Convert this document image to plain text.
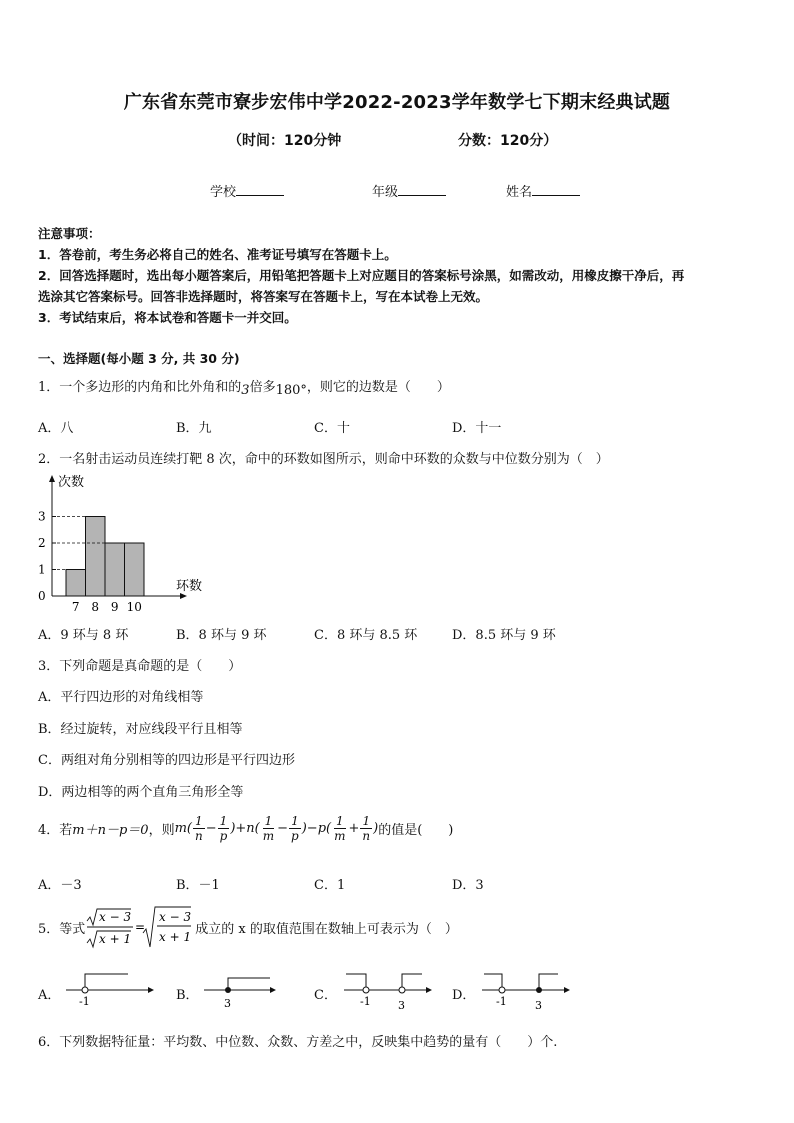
广东省东莞市寮步宏伟中学2022-2023学年数学七下期末经典试题
（时间：120分钟	分数：120分）
学校	年级	姓名
注意事项：
1．答卷前，考生务必将自己的姓名、准考证号填写在答题卡上。
2．回答选择题时，选出每小题答案后，用铅笔把答题卡上对应题目的答案标号涂黑，如需改动，用橡皮擦干净后，再
选涂其它答案标号。回答非选择题时，将答案写在答题卡上，写在本试卷上无效。
3．考试结束后，将本试卷和答题卡一并交回。
一、选择题(每小题 3 分, 共 30 分)
1．一个多边形的内角和比外角和的3倍多180°，则它的边数是（　　）
A．八	B．九	C．十	D．十一
2．一名射击运动员连续打靶 8 次，命中的环数如图所示，则命中环数的众数与中位数分别为（　）
0
1
2
3
7 8 9 10
次数
环数
A．9 环与 8 环	B．8 环与 9 环	C．8 环与 8.5 环	D．8.5 环与 9 环
3．下列命题是真命题的是（　　）
A．平行四边形的对角线相等
B．经过旋转，对应线段平行且相等
C．两组对角分别相等的四边形是平行四边形
D．两边相等的两个直角三角形全等
4．若 m＋n－p＝0 ，则 $m( \frac{1}{n} - \frac{1}{p} )+n( \frac{1}{m} - \frac{1}{p} )-p( \frac{1}{m} + \frac{1}{n}$ ) 的值是(　　)
A．－3	B．－1	C．1	D．3
5．等式
x − 3
x + 1
=
x − 3
x + 1
成立的 x 的取值范围在数轴上可表示为（　）
A． -1	B．
3
C． -1 3
D． -1	3
6．下列数据特征量：平均数、中位数、众数、方差之中，反映集中趋势的量有（　　）个.
